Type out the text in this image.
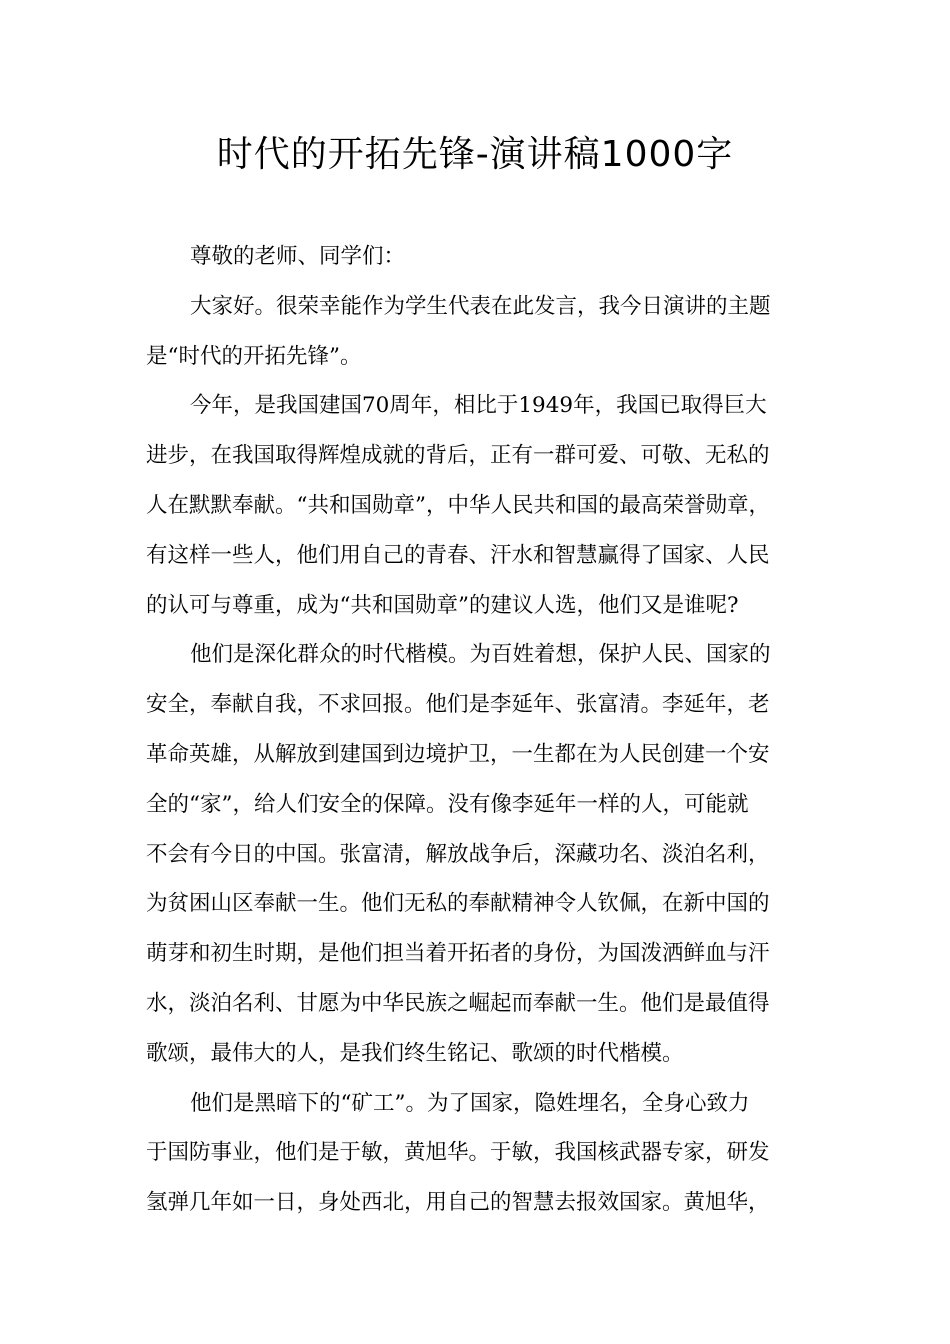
时代的开拓先锋-演讲稿1000字
尊敬的老师、同学们：
大家好。很荣幸能作为学生代表在此发言，我今日演讲的主题
是“时代的开拓先锋”。
今年，是我国建国70周年，相比于1949年，我国已取得巨大
进步，在我国取得辉煌成就的背后，正有一群可爱、可敬、无私的
人在默默奉献。“共和国勋章”，中华人民共和国的最高荣誉勋章，
有这样一些人，他们用自己的青春、汗水和智慧赢得了国家、人民
的认可与尊重，成为“共和国勋章”的建议人选，他们又是谁呢?
他们是深化群众的时代楷模。为百姓着想，保护人民、国家的
安全，奉献自我，不求回报。他们是李延年、张富清。李延年，老
革命英雄，从解放到建国到边境护卫，一生都在为人民创建一个安
全的“家”，给人们安全的保障。没有像李延年一样的人，可能就
不会有今日的中国。张富清，解放战争后，深藏功名、淡泊名利，
为贫困山区奉献一生。他们无私的奉献精神令人钦佩，在新中国的
萌芽和初生时期，是他们担当着开拓者的身份，为国泼洒鲜血与汗
水，淡泊名利、甘愿为中华民族之崛起而奉献一生。他们是最值得
歌颂，最伟大的人，是我们终生铭记、歌颂的时代楷模。
他们是黑暗下的“矿工”。为了国家，隐姓埋名，全身心致力
于国防事业，他们是于敏，黄旭华。于敏，我国核武器专家，研发
氢弹几年如一日，身处西北，用自己的智慧去报效国家。黄旭华，
